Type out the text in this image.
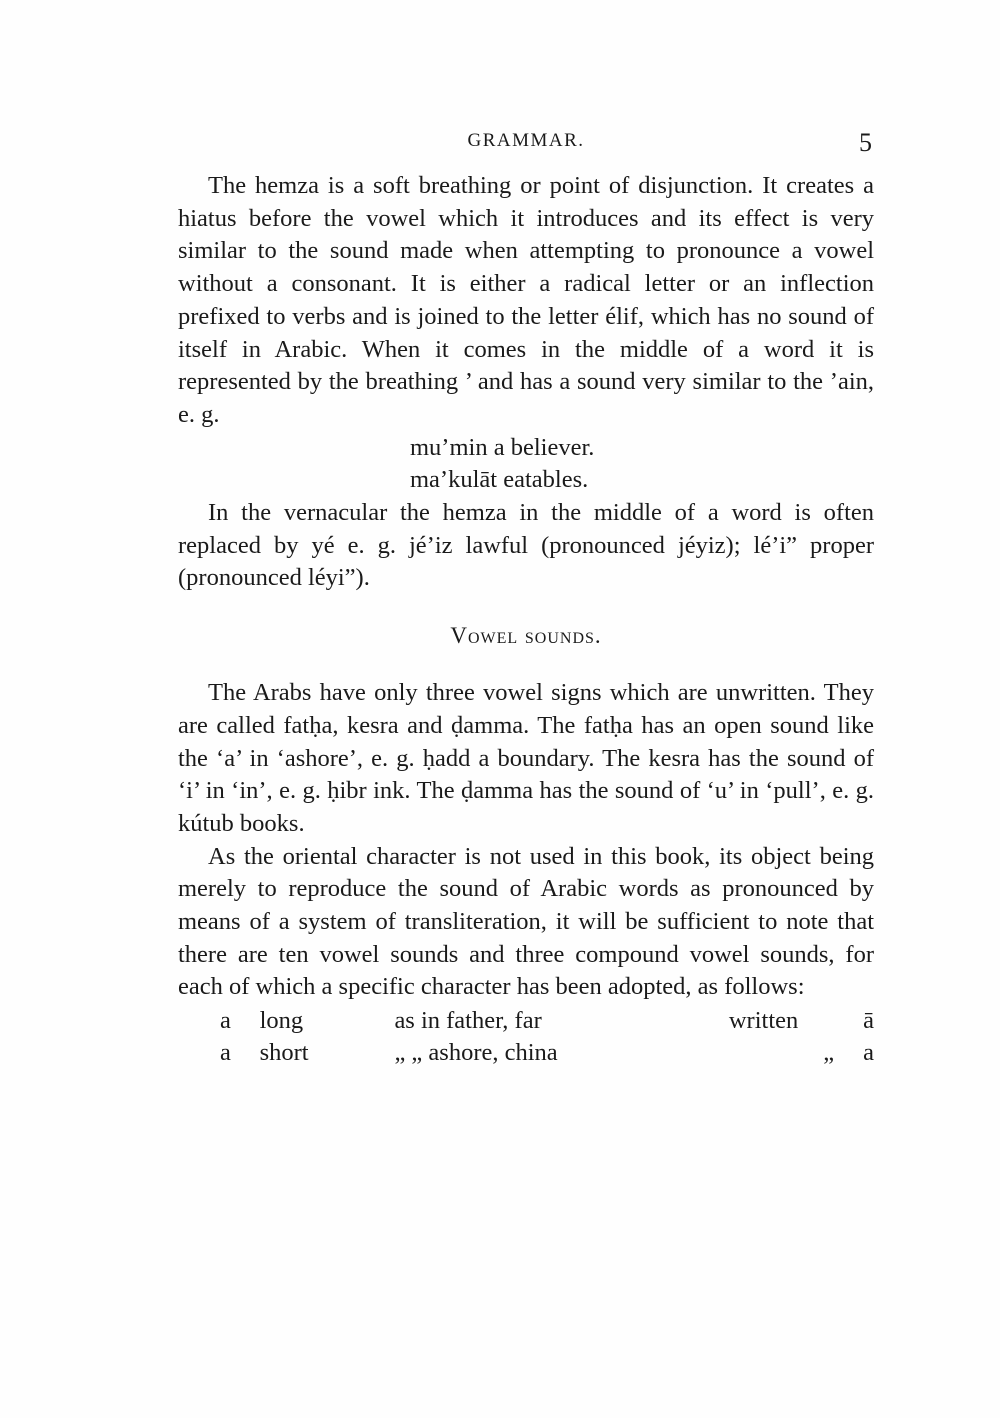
GRAMMAR.	5

The hemza is a soft breathing or point of disjunction. It creates a hiatus before the vowel which it introduces and its effect is very similar to the sound made when attempting to pronounce a vowel without a consonant. It is either a radical letter or an inflection prefixed to verbs and is joined to the letter élif, which has no sound of itself in Arabic. When it comes in the middle of a word it is represented by the breathing ’ and has a sound very similar to the ’ain, e. g.

mu’min a believer.
ma’kulāt eatables.

In the vernacular the hemza in the middle of a word is often replaced by yé e. g. jé’iz lawful (pronounced jéyiz); lé’i” proper (pronounced léyi”).

Vowel sounds.

The Arabs have only three vowel signs which are unwritten. They are called fatḥa, kesra and ḍamma. The fatḥa has an open sound like the ‘a’ in ‘ashore’, e. g. ḥadd a boundary. The kesra has the sound of ‘i’ in ‘in’, e. g. ḥibr ink. The ḍamma has the sound of ‘u’ in ‘pull’, e. g. kútub books.

As the oriental character is not used in this book, its object being merely to reproduce the sound of Arabic words as pronounced by means of a system of transliteration, it will be sufficient to note that there are ten vowel sounds and three compound vowel sounds, for each of which a specific character has been adopted, as follows:

a	long	as in father, far	written	ā
a	short	„ „ ashore, china	„	a
